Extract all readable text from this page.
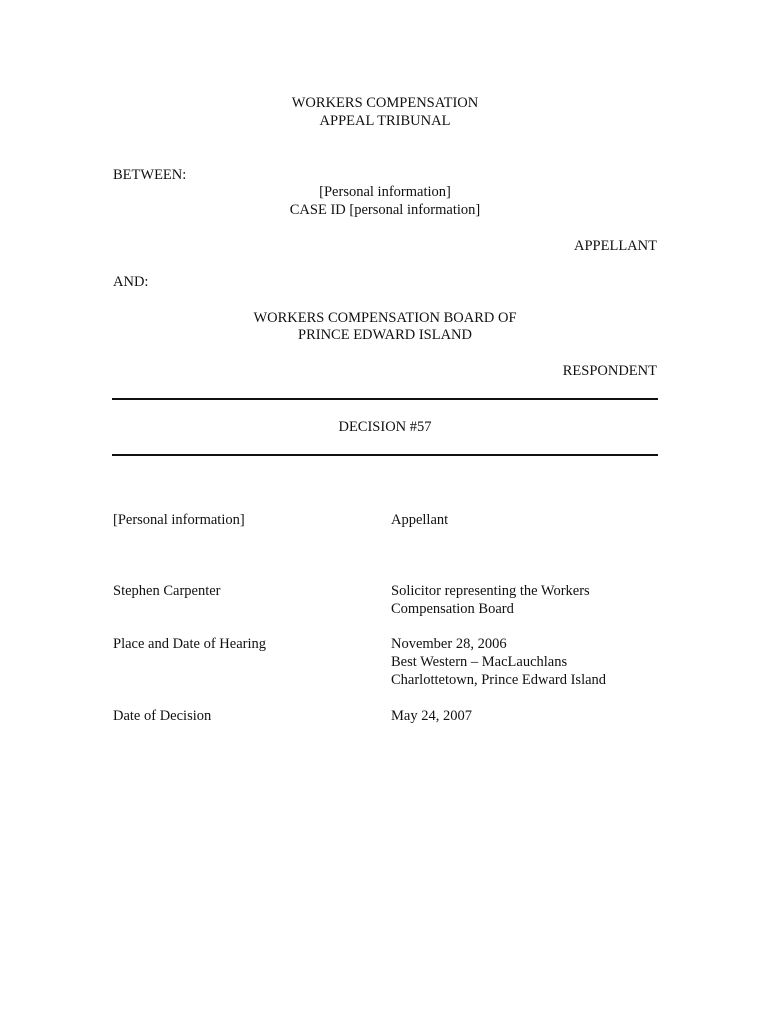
WORKERS COMPENSATION
APPEAL TRIBUNAL
BETWEEN:
[Personal information]
CASE ID [personal information]
APPELLANT
AND:
WORKERS COMPENSATION BOARD OF
PRINCE EDWARD ISLAND
RESPONDENT
DECISION #57
[Personal information]	Appellant
Stephen Carpenter	Solicitor representing the Workers
Compensation Board
Place and Date of Hearing	November 28, 2006
Best Western – MacLauchlans
Charlottetown, Prince Edward Island
Date of Decision	May 24, 2007
